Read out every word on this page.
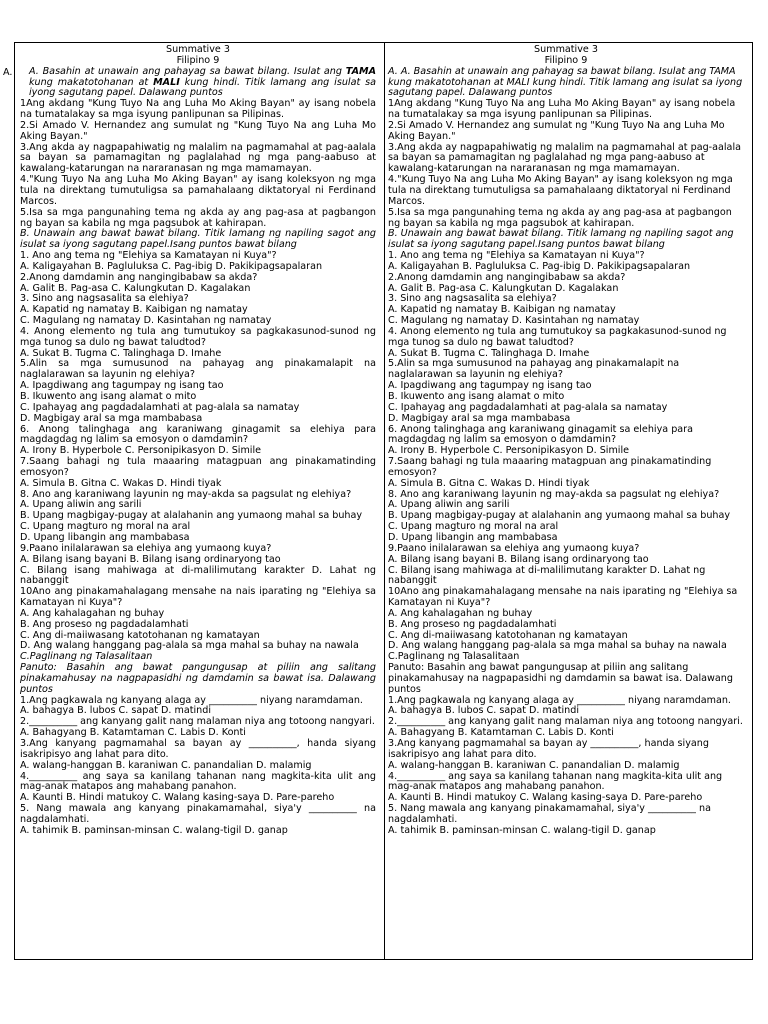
A.

Summative 3

Filipino 9

A. Basahin at unawain ang pahayag sa bawat bilang. Isulat ang TAMA kung makatotohanan at MALI kung hindi. Titik lamang ang isulat sa iyong sagutang papel. Dalawang puntos

1Ang akdang "Kung Tuyo Na ang Luha Mo Aking Bayan" ay isang nobela na tumatalakay sa mga isyung panlipunan sa Pilipinas.

2.Si Amado V. Hernandez ang sumulat ng "Kung Tuyo Na ang Luha Mo Aking Bayan."

3.Ang akda ay nagpapahiwatig ng malalim na pagmamahal at pag-aalala sa bayan sa pamamagitan ng paglalahad ng mga pang-aabuso at kawalang-katarungan na nararanasan ng mga mamamayan.

4."Kung Tuyo Na ang Luha Mo Aking Bayan" ay isang koleksyon ng mga tula na direktang tumutuligsa sa pamahalaang diktatoryal ni Ferdinand Marcos.

5.Isa sa mga pangunahing tema ng akda ay ang pag-asa at pagbangon ng bayan sa kabila ng mga pagsubok at kahirapan.

B. Unawain ang bawat bawat bilang. Titik lamang ng napiling sagot ang isulat sa iyong sagutang papel.Isang puntos bawat bilang

1. Ano ang tema ng "Elehiya sa Kamatayan ni Kuya"?

A. Kaligayahan B. Pagluluksa C. Pag-ibig D. Pakikipagsapalaran

2.Anong damdamin ang nangingibabaw sa akda?

A. Galit B. Pag-asa C. Kalungkutan D. Kagalakan

3. Sino ang nagsasalita sa elehiya?

A. Kapatid ng namatay B. Kaibigan ng namatay

C. Magulang ng namatay D. Kasintahan ng namatay

4. Anong elemento ng tula ang tumutukoy sa pagkakasunod-sunod ng mga tunog sa dulo ng bawat taludtod?

A. Sukat B. Tugma C. Talinghaga D. Imahe

5.Alin sa mga sumusunod na pahayag ang pinakamalapit na naglalarawan sa layunin ng elehiya?

A. Ipagdiwang ang tagumpay ng isang tao

B. Ikuwento ang isang alamat o mito

C. Ipahayag ang pagdadalamhati at pag-alala sa namatay

D. Magbigay aral sa mga mambabasa

6. Anong talinghaga ang karaniwang ginagamit sa elehiya para magdagdag ng lalim sa emosyon o damdamin?

A. Irony B. Hyperbole C. Personipikasyon D. Simile

7.Saang bahagi ng tula maaaring matagpuan ang pinakamatinding emosyon?

A. Simula B. Gitna C. Wakas D. Hindi tiyak

8. Ano ang karaniwang layunin ng may-akda sa pagsulat ng elehiya?

A. Upang aliwin ang sarili

B. Upang magbigay-pugay at alalahanin ang yumaong mahal sa buhay

C. Upang magturo ng moral na aral

D. Upang libangin ang mambabasa

9.Paano inilalarawan sa elehiya ang yumaong kuya?

A. Bilang isang bayani B. Bilang isang ordinaryong tao

C. Bilang isang mahiwaga at di-malilimutang karakter D. Lahat ng nabanggit

10Ano ang pinakamahalagang mensahe na nais iparating ng "Elehiya sa Kamatayan ni Kuya"?

A. Ang kahalagahan ng buhay

B. Ang proseso ng pagdadalamhati

C. Ang di-maiiwasang katotohanan ng kamatayan

D. Ang walang hanggang pag-alala sa mga mahal sa buhay na nawala

C.Paglinang ng Talasalitaan

Panuto: Basahin ang bawat pangungusap at piliin ang salitang pinakamahusay na nagpapasidhi ng damdamin sa bawat isa. Dalawang puntos

1.Ang pagkawala ng kanyang alaga ay __________ niyang naramdaman.

A. bahagya B. lubos C. sapat D. matindi

2.__________ ang kanyang galit nang malaman niya ang totoong nangyari.

A. Bahagyang B. Katamtaman C. Labis D. Konti

3.Ang kanyang pagmamahal sa bayan ay __________, handa siyang isakripisyo ang lahat para dito.

A. walang-hanggan B. karaniwan C. panandalian D. malamig

4.__________ ang saya sa kanilang tahanan nang magkita-kita ulit ang mag-anak matapos ang mahabang panahon.

A. Kaunti B. Hindi matukoy C. Walang kasing-saya D. Pare-pareho

5. Nang mawala ang kanyang pinakamamahal, siya'y __________ na nagdalamhati.

A. tahimik B. paminsan-minsan C. walang-tigil D. ganap

Summative 3

Filipino 9

A. A. Basahin at unawain ang pahayag sa bawat bilang. Isulat ang TAMA kung makatotohanan at MALI kung hindi. Titik lamang ang isulat sa iyong sagutang papel. Dalawang puntos

1Ang akdang "Kung Tuyo Na ang Luha Mo Aking Bayan" ay isang nobela na tumatalakay sa mga isyung panlipunan sa Pilipinas.

2.Si Amado V. Hernandez ang sumulat ng "Kung Tuyo Na ang Luha Mo Aking Bayan."

3.Ang akda ay nagpapahiwatig ng malalim na pagmamahal at pag-aalala sa bayan sa pamamagitan ng paglalahad ng mga pang-aabuso at kawalang-katarungan na nararanasan ng mga mamamayan.

4."Kung Tuyo Na ang Luha Mo Aking Bayan" ay isang koleksyon ng mga tula na direktang tumutuligsa sa pamahalaang diktatoryal ni Ferdinand Marcos.

5.Isa sa mga pangunahing tema ng akda ay ang pag-asa at pagbangon ng bayan sa kabila ng mga pagsubok at kahirapan.

B. Unawain ang bawat bawat bilang. Titik lamang ng napiling sagot ang isulat sa iyong sagutang papel.Isang puntos bawat bilang

1. Ano ang tema ng "Elehiya sa Kamatayan ni Kuya"?

A. Kaligayahan B. Pagluluksa C. Pag-ibig D. Pakikipagsapalaran

2.Anong damdamin ang nangingibabaw sa akda?

A. Galit B. Pag-asa C. Kalungkutan D. Kagalakan

3. Sino ang nagsasalita sa elehiya?

A. Kapatid ng namatay B. Kaibigan ng namatay

C. Magulang ng namatay D. Kasintahan ng namatay

4. Anong elemento ng tula ang tumutukoy sa pagkakasunod-sunod ng mga tunog sa dulo ng bawat taludtod?

A. Sukat B. Tugma C. Talinghaga D. Imahe

5.Alin sa mga sumusunod na pahayag ang pinakamalapit na naglalarawan sa layunin ng elehiya?

A. Ipagdiwang ang tagumpay ng isang tao

B. Ikuwento ang isang alamat o mito

C. Ipahayag ang pagdadalamhati at pag-alala sa namatay

D. Magbigay aral sa mga mambabasa

6. Anong talinghaga ang karaniwang ginagamit sa elehiya para magdagdag ng lalim sa emosyon o damdamin?

A. Irony B. Hyperbole C. Personipikasyon D. Simile

7.Saang bahagi ng tula maaaring matagpuan ang pinakamatinding emosyon?

A. Simula B. Gitna C. Wakas D. Hindi tiyak

8. Ano ang karaniwang layunin ng may-akda sa pagsulat ng elehiya?

A. Upang aliwin ang sarili

B. Upang magbigay-pugay at alalahanin ang yumaong mahal sa buhay

C. Upang magturo ng moral na aral

D. Upang libangin ang mambabasa

9.Paano inilalarawan sa elehiya ang yumaong kuya?

A. Bilang isang bayani B. Bilang isang ordinaryong tao

C. Bilang isang mahiwaga at di-malilimutang karakter D. Lahat ng nabanggit

10Ano ang pinakamahalagang mensahe na nais iparating ng "Elehiya sa Kamatayan ni Kuya"?

A. Ang kahalagahan ng buhay

B. Ang proseso ng pagdadalamhati

C. Ang di-maiiwasang katotohanan ng kamatayan

D. Ang walang hanggang pag-alala sa mga mahal sa buhay na nawala

C.Paglinang ng Talasalitaan

Panuto: Basahin ang bawat pangungusap at piliin ang salitang pinakamahusay na nagpapasidhi ng damdamin sa bawat isa. Dalawang puntos

1.Ang pagkawala ng kanyang alaga ay __________ niyang naramdaman.

A. bahagya B. lubos C. sapat D. matindi

2.__________ ang kanyang galit nang malaman niya ang totoong nangyari.

A. Bahagyang B. Katamtaman C. Labis D. Konti

3.Ang kanyang pagmamahal sa bayan ay __________, handa siyang isakripisyo ang lahat para dito.

A. walang-hanggan B. karaniwan C. panandalian D. malamig

4.__________ ang saya sa kanilang tahanan nang magkita-kita ulit ang mag-anak matapos ang mahabang panahon.

A. Kaunti B. Hindi matukoy C. Walang kasing-saya D. Pare-pareho

5. Nang mawala ang kanyang pinakamamahal, siya'y __________ na nagdalamhati.

A. tahimik B. paminsan-minsan C. walang-tigil D. ganap
